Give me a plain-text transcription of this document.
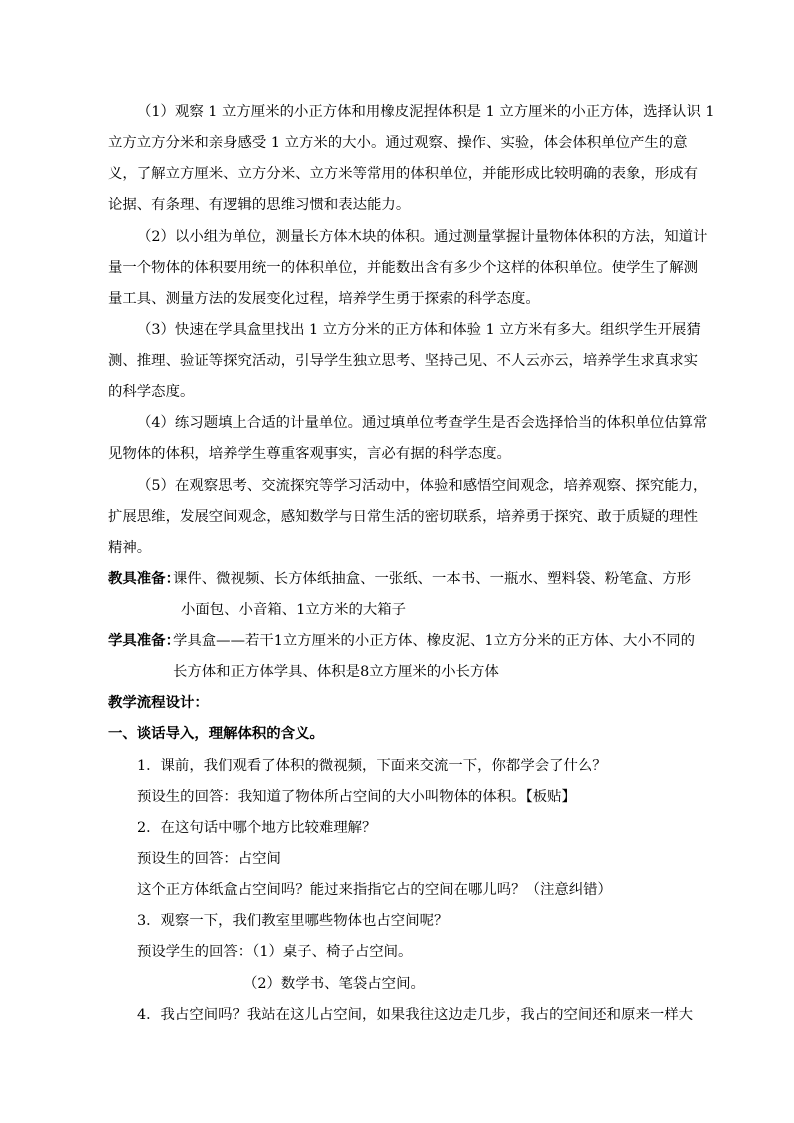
（1）观察 1 立方厘米的小正方体和用橡皮泥捏体积是 1 立方厘米的小正方体，选择认识 1
立方立方分米和亲身感受 1 立方米的大小。通过观察、操作、实验，体会体积单位产生的意
义，了解立方厘米、立方分米、立方米等常用的体积单位，并能形成比较明确的表象，形成有
论据、有条理、有逻辑的思维习惯和表达能力。
（2）以小组为单位，测量长方体木块的体积。通过测量掌握计量物体体积的方法，知道计
量一个物体的体积要用统一的体积单位，并能数出含有多少个这样的体积单位。使学生了解测
量工具、测量方法的发展变化过程，培养学生勇于探索的科学态度。
（3）快速在学具盒里找出 1 立方分米的正方体和体验 1 立方米有多大。组织学生开展猜
测、推理、验证等探究活动，引导学生独立思考、坚持己见、不人云亦云，培养学生求真求实
的科学态度。
（4）练习题填上合适的计量单位。通过填单位考查学生是否会选择恰当的体积单位估算常
见物体的体积，培养学生尊重客观事实，言必有据的科学态度。
（5）在观察思考、交流探究等学习活动中，体验和感悟空间观念，培养观察、探究能力，
扩展思维，发展空间观念，感知数学与日常生活的密切联系，培养勇于探究、敢于质疑的理性
精神。
教具准备：
课件、微视频、长方体纸抽盒、一张纸、一本书、一瓶水、塑料袋、粉笔盒、方形
小面包、小音箱、1立方米的大箱子
学具准备：
学具盒——若干1立方厘米的小正方体、橡皮泥、1立方分米的正方体、大小不同的
长方体和正方体学具、体积是8立方厘米的小长方体
教学流程设计：
一、谈话导入，理解体积的含义。
1．课前，我们观看了体积的微视频，下面来交流一下，你都学会了什么？
预设生的回答：我知道了物体所占空间的大小叫物体的体积。【板贴】
2．在这句话中哪个地方比较难理解？
预设生的回答：占空间
这个正方体纸盒占空间吗？能过来指指它占的空间在哪儿吗？（注意纠错）
3．观察一下，我们教室里哪些物体也占空间呢？
预设学生的回答：（1）桌子、椅子占空间。
（2）数学书、笔袋占空间。
4．我占空间吗？我站在这儿占空间，如果我往这边走几步，我占的空间还和原来一样大
